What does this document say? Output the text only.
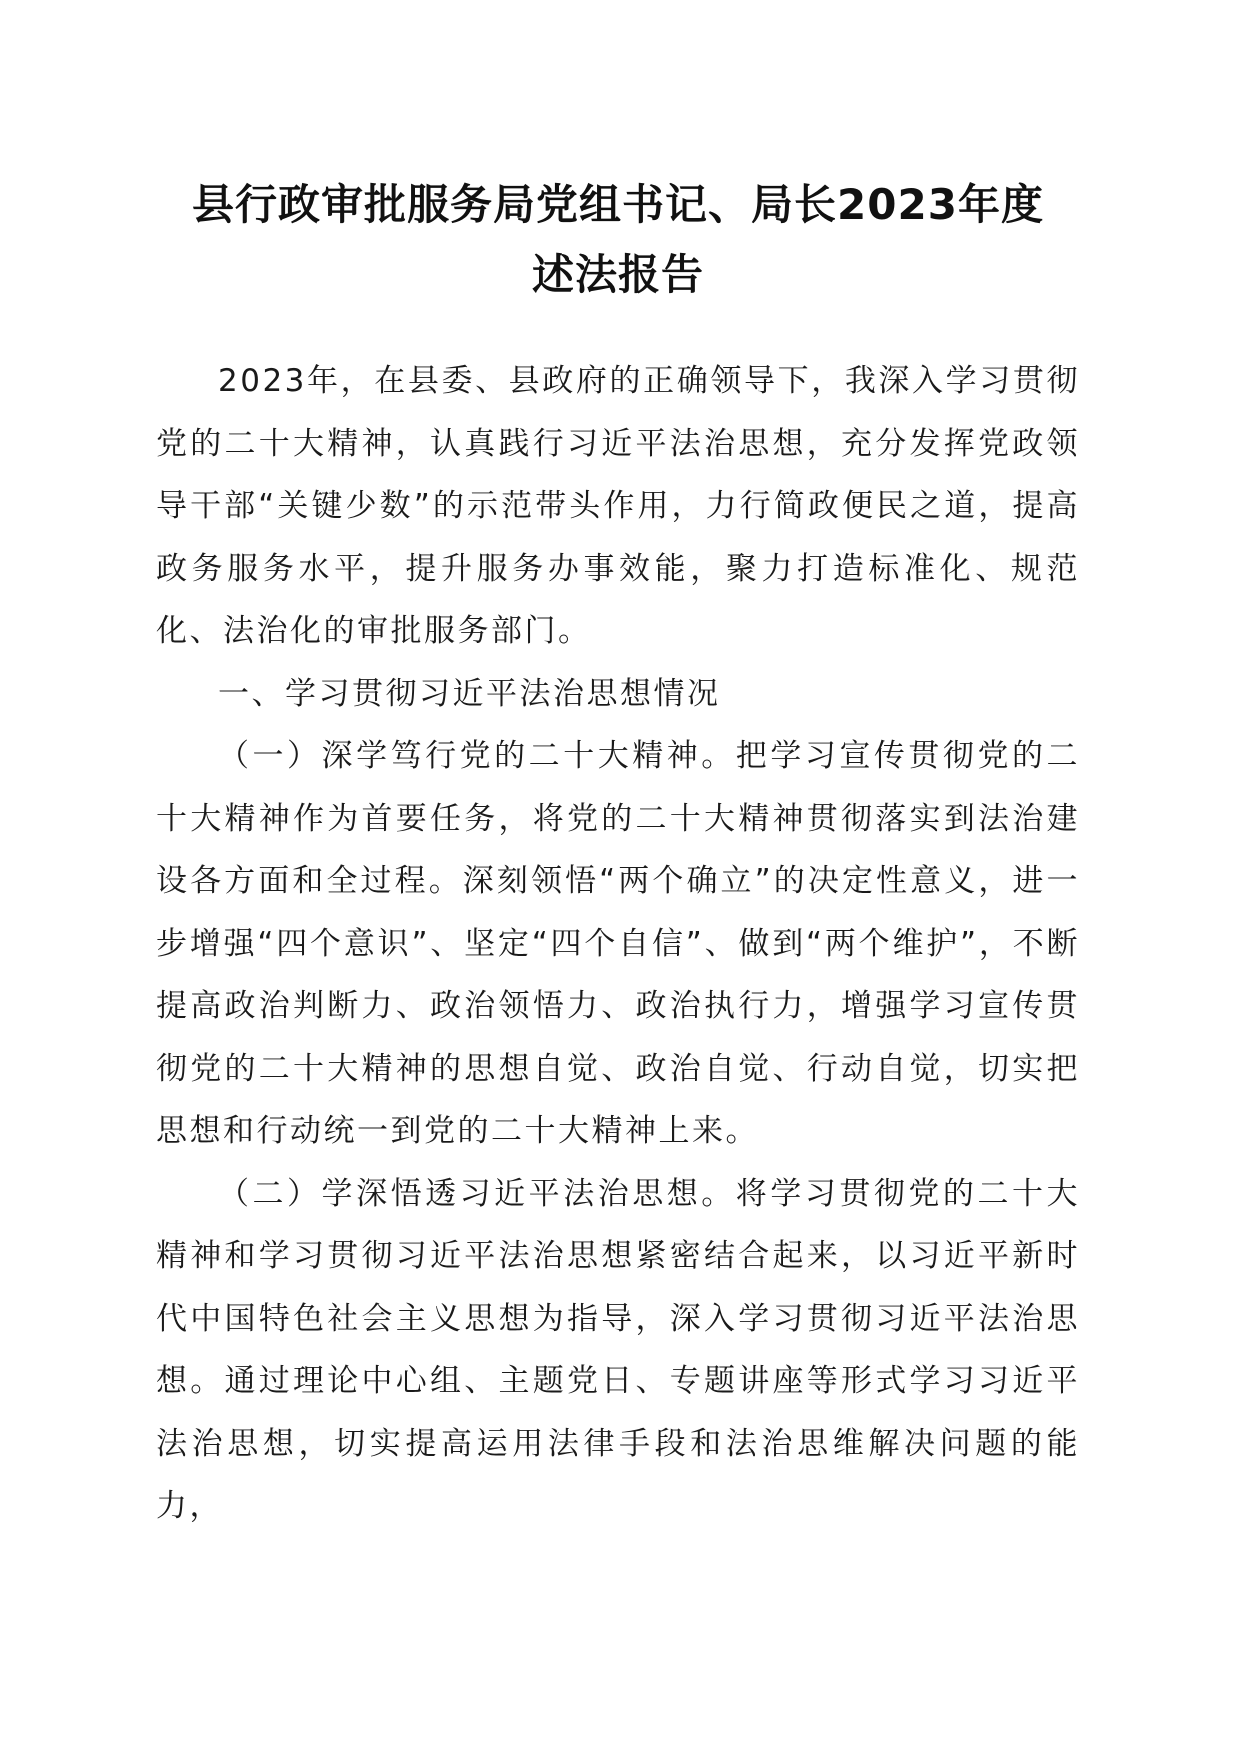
县行政审批服务局党组书记、局长2023年度
述法报告

2023年，在县委、县政府的正确领导下，我深入学习贯彻党的二十大精神，认真践行习近平法治思想，充分发挥党政领导干部“关键少数”的示范带头作用，力行简政便民之道，提高政务服务水平，提升服务办事效能，聚力打造标准化、规范化、法治化的审批服务部门。

一、学习贯彻习近平法治思想情况

（一）深学笃行党的二十大精神。把学习宣传贯彻党的二十大精神作为首要任务，将党的二十大精神贯彻落实到法治建设各方面和全过程。深刻领悟“两个确立”的决定性意义，进一步增强“四个意识”、坚定“四个自信”、做到“两个维护”，不断提高政治判断力、政治领悟力、政治执行力，增强学习宣传贯彻党的二十大精神的思想自觉、政治自觉、行动自觉，切实把思想和行动统一到党的二十大精神上来。

（二）学深悟透习近平法治思想。将学习贯彻党的二十大精神和学习贯彻习近平法治思想紧密结合起来，以习近平新时代中国特色社会主义思想为指导，深入学习贯彻习近平法治思想。通过理论中心组、主题党日、专题讲座等形式学习习近平法治思想，切实提高运用法律手段和法治思维解决问题的能力，
